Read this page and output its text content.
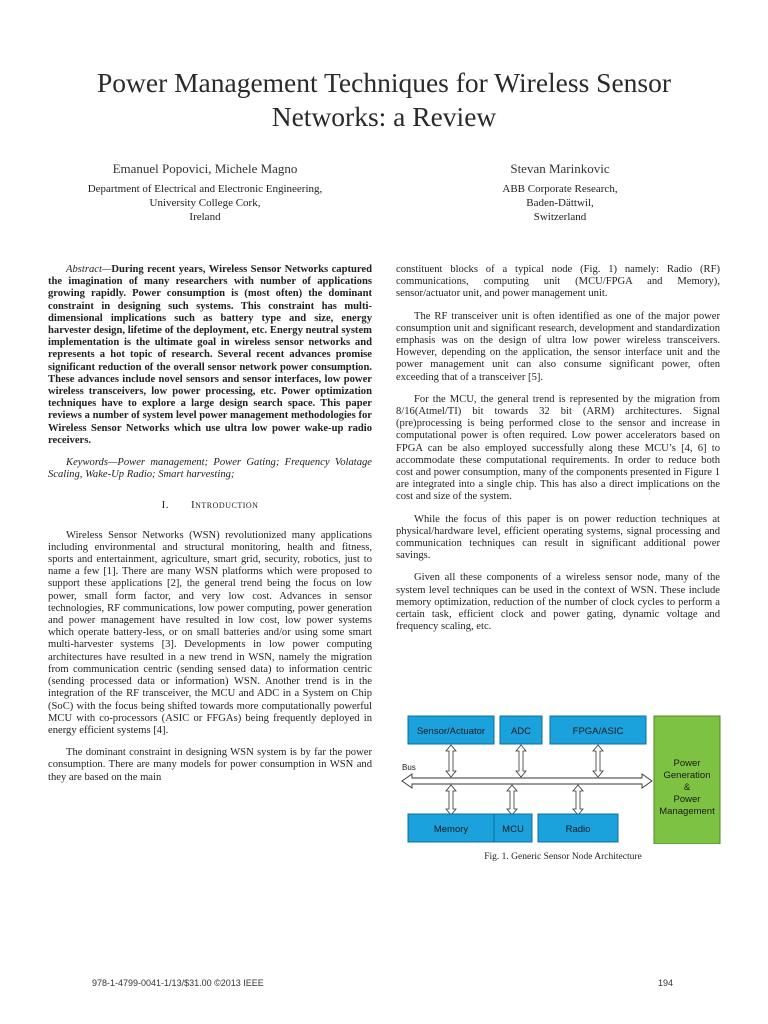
Power Management Techniques for Wireless Sensor Networks: a Review
Emanuel Popovici, Michele Magno
Department of Electrical and Electronic Engineering,
University College Cork,
Ireland
Stevan Marinkovic
ABB Corporate Research,
Baden-Dättwil,
Switzerland

Abstract—During recent years, Wireless Sensor Networks captured the imagination of many researchers with number of applications growing rapidly. Power consumption is (most often) the dominant constraint in designing such systems. This constraint has multi-dimensional implications such as battery type and size, energy harvester design, lifetime of the deployment, etc. Energy neutral system implementation is the ultimate goal in wireless sensor networks and represents a hot topic of research. Several recent advances promise significant reduction of the overall sensor network power consumption. These advances include novel sensors and sensor interfaces, low power wireless transceivers, low power processing, etc. Power optimization techniques have to explore a large design search space. This paper reviews a number of system level power management methodologies for Wireless Sensor Networks which use ultra low power wake-up radio receivers.

Keywords—Power management; Power Gating; Frequency Volatage Scaling, Wake-Up Radio; Smart harvesting;

I. Introduction

Wireless Sensor Networks (WSN) revolutionized many applications including environmental and structural monitoring, health and fitness, sports and entertainment, agriculture, smart grid, security, robotics, just to name a few [1]. There are many WSN platforms which were proposed to support these applications [2], the general trend being the focus on low power, small form factor, and very low cost. Advances in sensor technologies, RF communications, low power computing, power generation and power management have resulted in low cost, low power systems which operate battery-less, or on small batteries and/or using some smart multi-harvester systems [3]. Developments in low power computing architectures have resulted in a new trend in WSN, namely the migration from communication centric (sending sensed data) to information centric (sending processed data or information) WSN. Another trend is in the integration of the RF transceiver, the MCU and ADC in a System on Chip (SoC) with the focus being shifted towards more computationally powerful MCU with co-processors (ASIC or FFGAs) being frequently deployed in energy efficient systems [4].

The dominant constraint in designing WSN system is by far the power consumption. There are many models for power consumption in WSN and they are based on the main

constituent blocks of a typical node (Fig. 1) namely: Radio (RF) communications, computing unit (MCU/FPGA and Memory), sensor/actuator unit, and power management unit.

The RF transceiver unit is often identified as one of the major power consumption unit and significant research, development and standardization emphasis was on the design of ultra low power wireless transceivers. However, depending on the application, the sensor interface unit and the power management unit can also consume significant power, often exceeding that of a transceiver [5].

For the MCU, the general trend is represented by the migration from 8/16(Atmel/TI) bit towards 32 bit (ARM) architectures. Signal (pre)processing is being performed close to the sensor and increase in computational power is often required. Low power accelerators based on FPGA can be also employed successfully along these MCU’s [4, 6] to accommodate these computational requirements. In order to reduce both cost and power consumption, many of the components presented in Figure 1 are integrated into a single chip. This has also a direct implications on the cost and size of the system.

While the focus of this paper is on power reduction techniques at physical/hardware level, efficient operating systems, signal processing and communication techniques can result in significant additional power savings.

Given all these components of a wireless sensor node, many of the system level techniques can be used in the context of WSN. These include memory optimization, reduction of the number of clock cycles to perform a certain task, efficient clock and power gating, dynamic voltage and frequency scaling, etc.

Sensor/Actuator	ADC	FPGA/ASIC
Power
Generation
&
Power
Management
Bus
Memory	MCU	Radio
Fig. 1. Generic Sensor Node Architecture
978-1-4799-0041-1/13/$31.00 ©2013 IEEE	194
